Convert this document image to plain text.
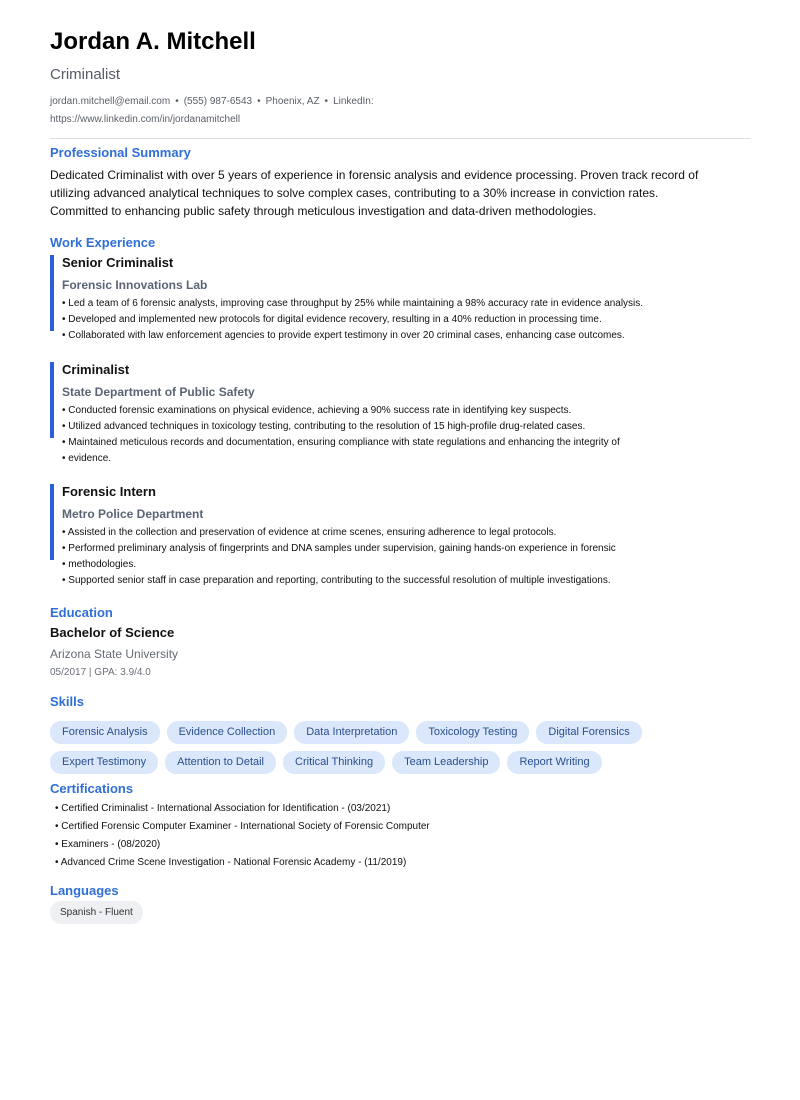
Jordan A. Mitchell
Criminalist
jordan.mitchell@email.com • (555) 987-6543 • Phoenix, AZ • LinkedIn:
https://www.linkedin.com/in/jordanamitchell
Professional Summary
Dedicated Criminalist with over 5 years of experience in forensic analysis and evidence processing. Proven track record of
utilizing advanced analytical techniques to solve complex cases, contributing to a 30% increase in conviction rates.
Committed to enhancing public safety through meticulous investigation and data-driven methodologies.
Work Experience
Senior Criminalist
Forensic Innovations Lab
• Led a team of 6 forensic analysts, improving case throughput by 25% while maintaining a 98% accuracy rate in evidence analysis.
• Developed and implemented new protocols for digital evidence recovery, resulting in a 40% reduction in processing time.
• Collaborated with law enforcement agencies to provide expert testimony in over 20 criminal cases, enhancing case outcomes.
Criminalist
State Department of Public Safety
• Conducted forensic examinations on physical evidence, achieving a 90% success rate in identifying key suspects.
• Utilized advanced techniques in toxicology testing, contributing to the resolution of 15 high-profile drug-related cases.
• Maintained meticulous records and documentation, ensuring compliance with state regulations and enhancing the integrity of
• evidence.
Forensic Intern
Metro Police Department
• Assisted in the collection and preservation of evidence at crime scenes, ensuring adherence to legal protocols.
• Performed preliminary analysis of fingerprints and DNA samples under supervision, gaining hands-on experience in forensic
• methodologies.
• Supported senior staff in case preparation and reporting, contributing to the successful resolution of multiple investigations.
Education
Bachelor of Science
Arizona State University
05/2017 | GPA: 3.9/4.0
Skills
Forensic Analysis	Evidence Collection	Data Interpretation	Toxicology Testing	Digital Forensics
Expert Testimony	Attention to Detail	Critical Thinking	Team Leadership	Report Writing
Certifications
• Certified Criminalist - International Association for Identification - (03/2021)
• Certified Forensic Computer Examiner - International Society of Forensic Computer
• Examiners - (08/2020)
• Advanced Crime Scene Investigation - National Forensic Academy - (11/2019)
Languages
Spanish - Fluent
